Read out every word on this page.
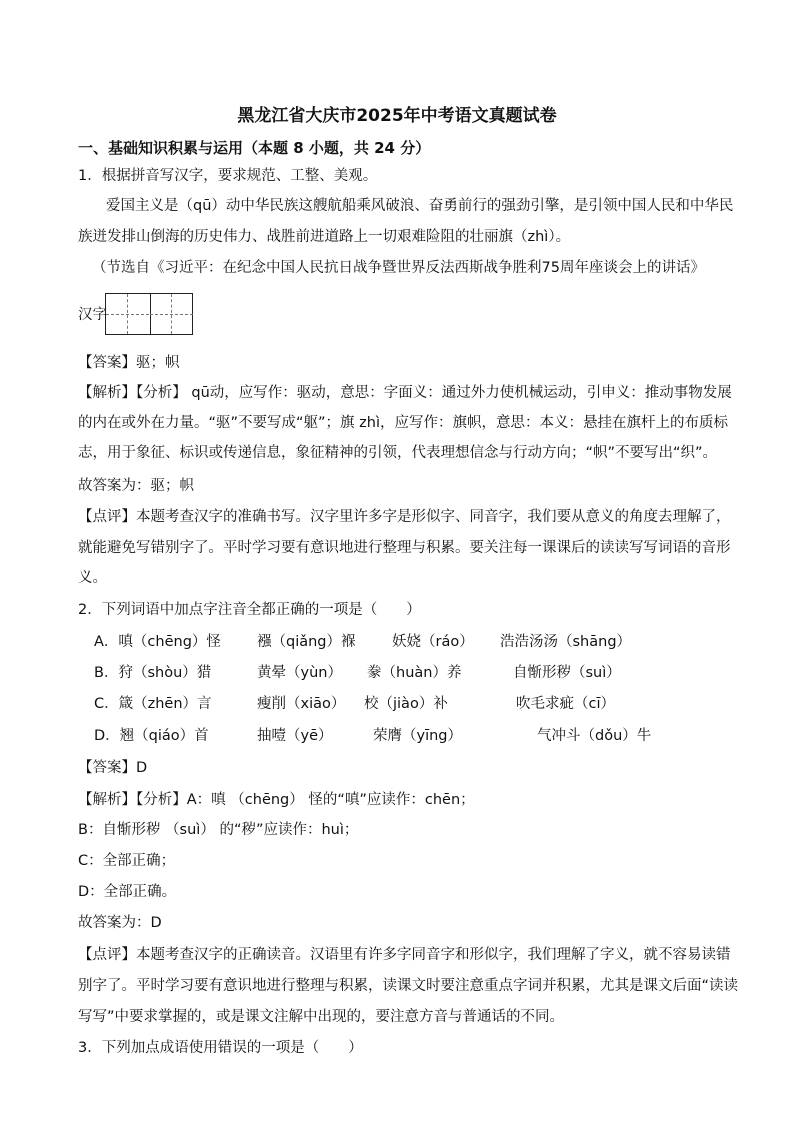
黑龙江省大庆市2025年中考语文真题试卷
一、基础知识积累与运用（本题 8 小题，共 24 分）
1．根据拼音写汉字，要求规范、工整、美观。
爱国主义是（qū）动中华民族这艘航船乘风破浪、奋勇前行的强劲引擎，是引领中国人民和中华民
族迸发排山倒海的历史伟力、战胜前进道路上一切艰难险阻的壮丽旗（zhì）。
（节选自《习近平：在纪念中国人民抗日战争暨世界反法西斯战争胜利75周年座谈会上的讲话》
汉字
【答案】驱；帜
【解析】【分析】 qū动，应写作：驱动，意思：字面义：通过外力使机械运动，引申义：推动事物发展
的内在或外在力量。“驱”不要写成“躯”；旗 zhì，应写作：旗帜，意思：本义：悬挂在旗杆上的布质标
志，用于象征、标识或传递信息，象征精神的引领，代表理想信念与行动方向；“帜”不要写出“织”。
故答案为：驱；帜
【点评】本题考查汉字的准确书写。汉字里许多字是形似字、同音字，我们要从意义的角度去理解了，
就能避免写错别字了。平时学习要有意识地进行整理与积累。要关注每一课课后的读读写写词语的音形
义。
2．下列词语中加点字注音全都正确的一项是（　　）
A．嗔（chēng）怪 襁（qiǎng）褓	妖娆（ráo） 浩浩汤汤（shāng）
B．狩（shòu）猎	黄晕（yùn） 豢（huàn）养	自惭形秽（suì）
C．箴（zhēn）言	瘦削（xiāo） 校（jiào）补	吹毛求疵（cī）
D．翘（qiáo）首	抽噎（yē）	荣膺（yīng）	气冲斗（dǒu）牛
【答案】D
【解析】【分析】A：嗔 （chēng） 怪的“嗔”应读作：chēn；
B：自惭形秽 （suì） 的“秽”应读作：huì；
C：全部正确；
D：全部正确。
故答案为：D
【点评】本题考查汉字的正确读音。汉语里有许多字同音字和形似字，我们理解了字义，就不容易读错
别字了。平时学习要有意识地进行整理与积累，读课文时要注意重点字词并积累，尤其是课文后面“读读
写写”中要求掌握的，或是课文注解中出现的，要注意方音与普通话的不同。
3．下列加点成语使用错误的一项是（　　）
